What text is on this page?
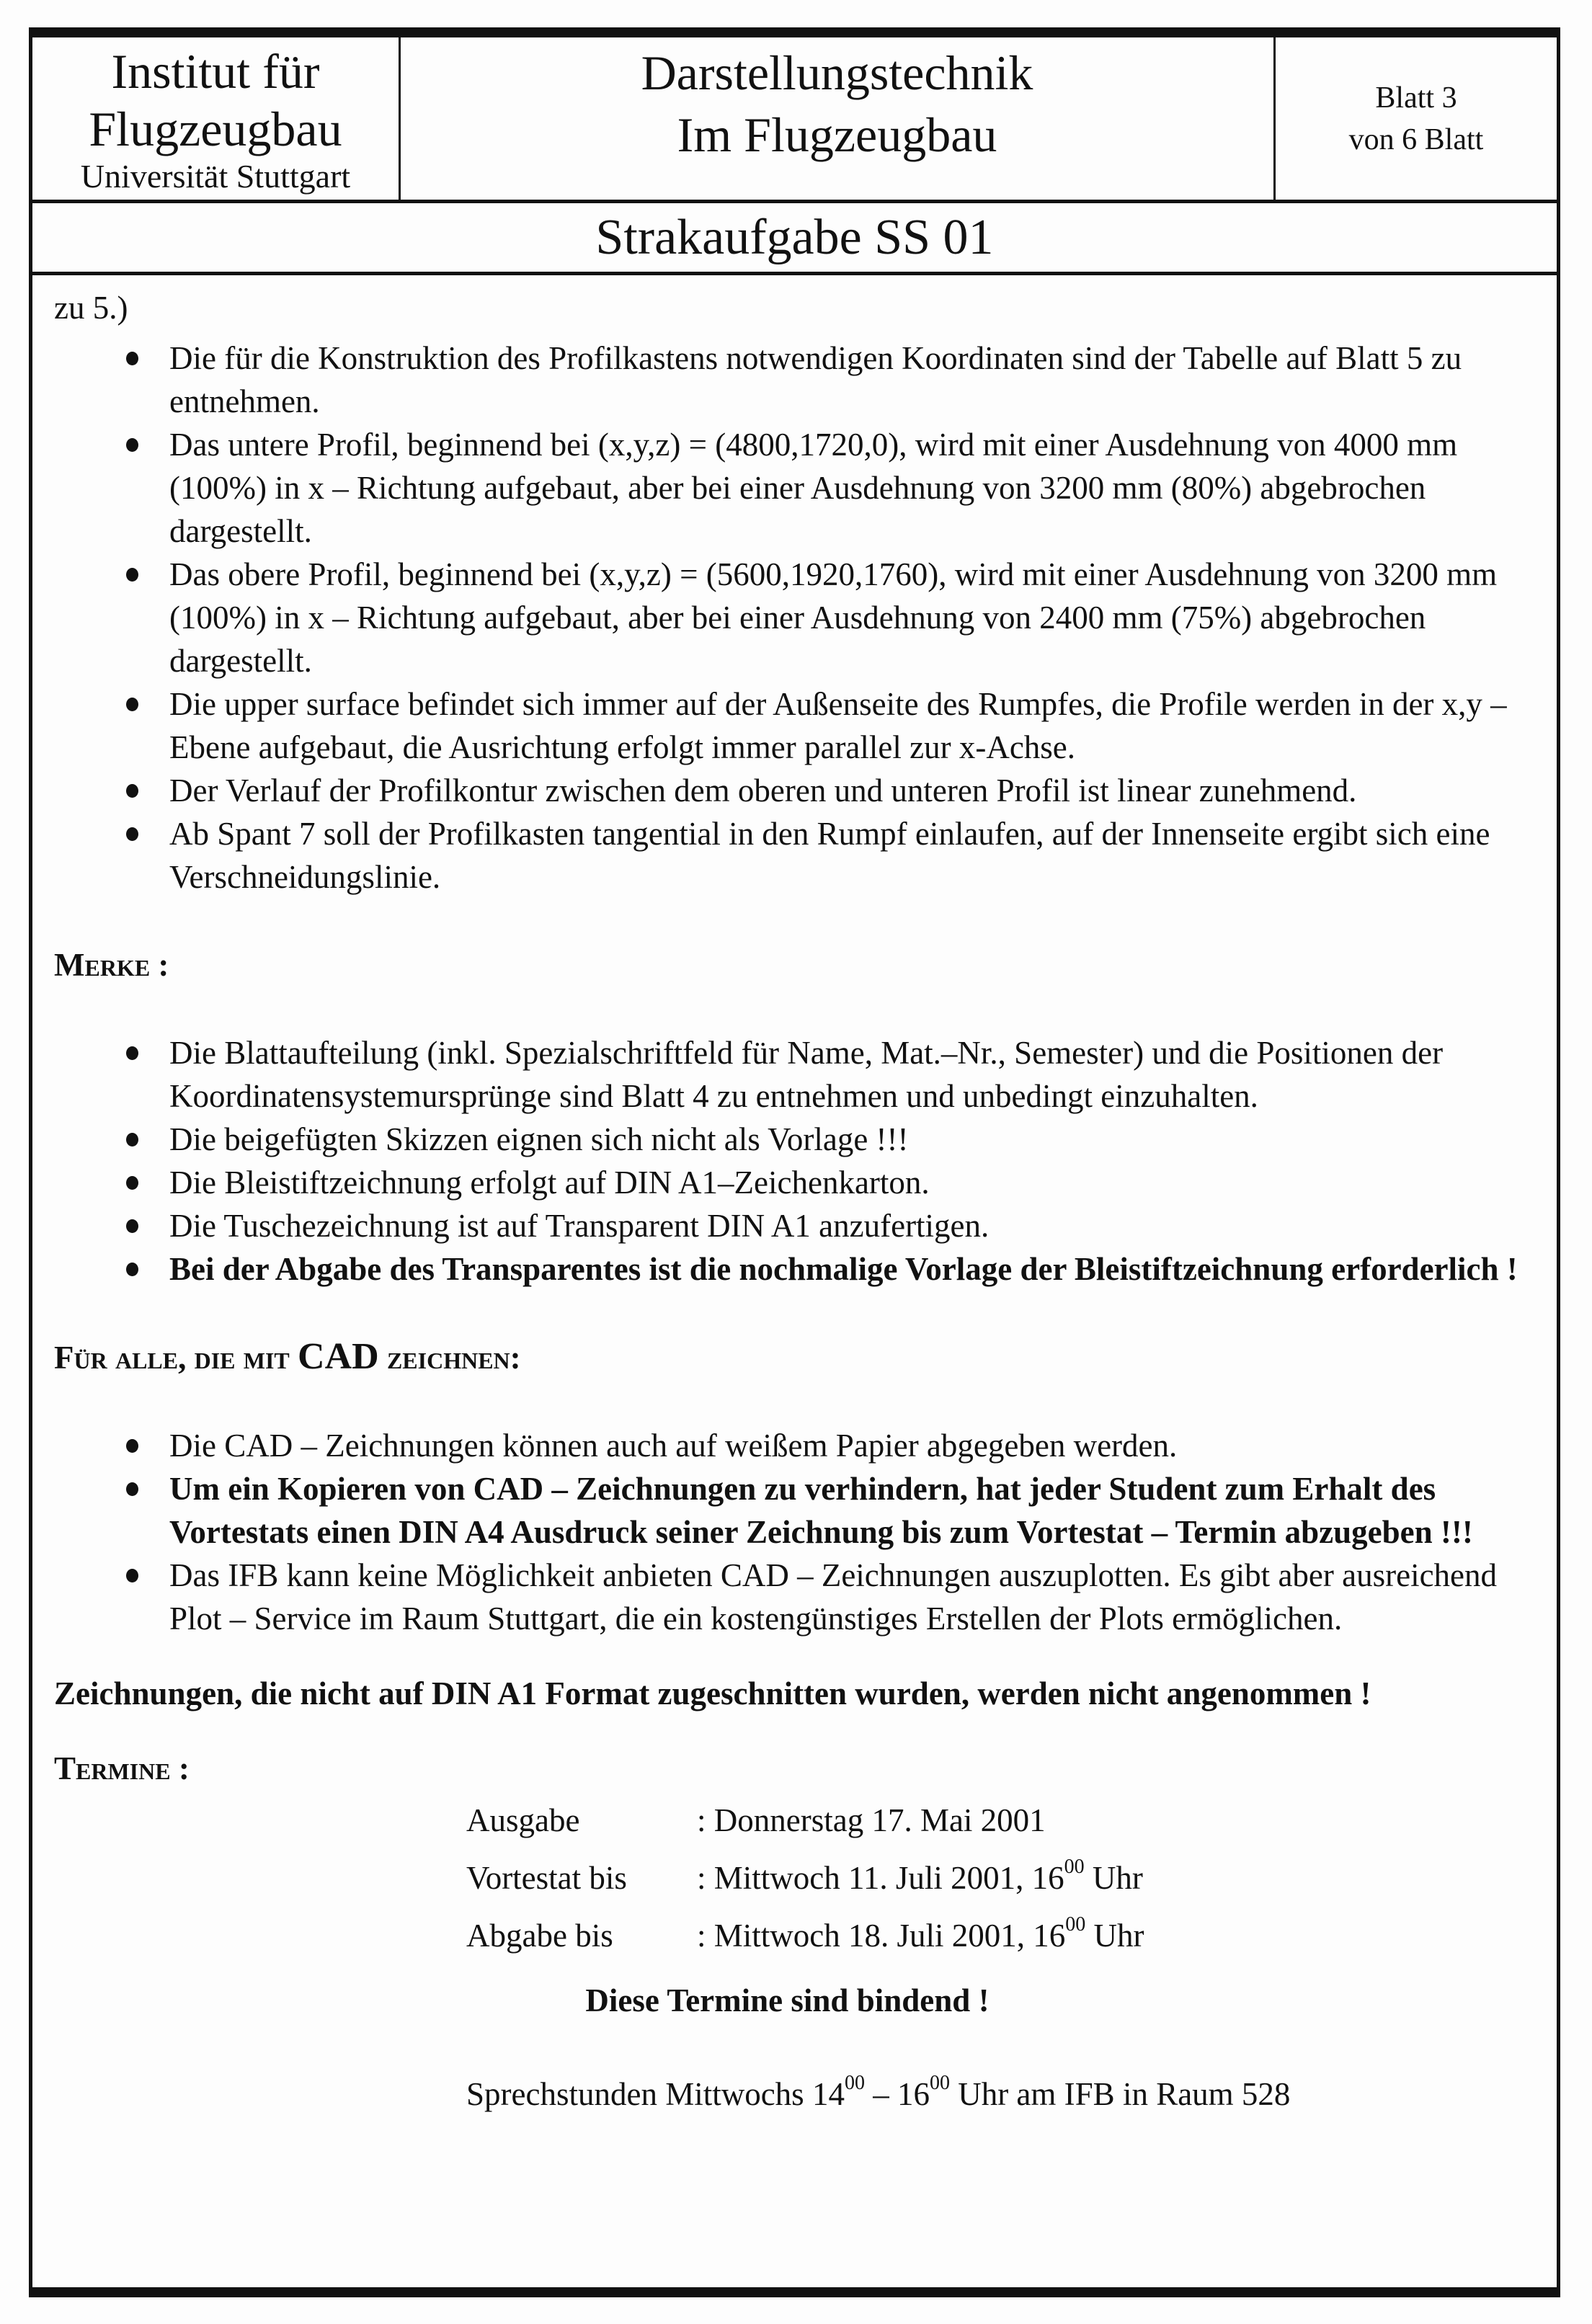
Institut für
Flugzeugbau
Universität Stuttgart
Darstellungstechnik
Im Flugzeugbau
Blatt 3
von 6 Blatt
Strakaufgabe SS 01
zu 5.)
Die für die Konstruktion des Profilkastens notwendigen Koordinaten sind der Tabelle auf Blatt 5 zu entnehmen.
Das untere Profil, beginnend bei (x,y,z) = (4800,1720,0), wird mit einer Ausdehnung von 4000 mm (100%) in x – Richtung aufgebaut, aber bei einer Ausdehnung von 3200 mm (80%) abgebrochen dargestellt.
Das obere Profil, beginnend bei (x,y,z) = (5600,1920,1760), wird mit einer Ausdehnung von 3200 mm (100%) in x – Richtung aufgebaut, aber bei einer Ausdehnung von 2400 mm (75%) abgebrochen dargestellt.
Die upper surface befindet sich immer auf der Außenseite des Rumpfes, die Profile werden in der x,y – Ebene aufgebaut, die Ausrichtung erfolgt immer parallel zur x-Achse.
Der Verlauf der Profilkontur zwischen dem oberen und unteren Profil ist linear zunehmend.
Ab Spant 7 soll der Profilkasten tangential in den Rumpf einlaufen, auf der Innenseite ergibt sich eine Verschneidungslinie.
Merke :
Die Blattaufteilung (inkl. Spezialschriftfeld für Name, Mat.–Nr., Semester) und die Positionen der Koordinatensystemursprünge sind Blatt 4 zu entnehmen und unbedingt einzuhalten.
Die beigefügten Skizzen eignen sich nicht als Vorlage !!!
Die Bleistiftzeichnung erfolgt auf DIN A1–Zeichenkarton.
Die Tuschezeichnung ist auf Transparent DIN A1 anzufertigen.
Bei der Abgabe des Transparentes ist die nochmalige Vorlage der Bleistiftzeichnung erforderlich !
Für alle, die mit CAD zeichnen:
Die CAD – Zeichnungen können auch auf weißem Papier abgegeben werden.
Um ein Kopieren von CAD – Zeichnungen zu verhindern, hat jeder Student zum Erhalt des Vortestats einen DIN A4 Ausdruck seiner Zeichnung bis zum Vortestat – Termin abzugeben !!!
Das IFB kann keine Möglichkeit anbieten CAD – Zeichnungen auszuplotten. Es gibt aber ausreichend Plot – Service im Raum Stuttgart, die ein kostengünstiges Erstellen der Plots ermöglichen.
Zeichnungen, die nicht auf DIN A1 Format zugeschnitten wurden, werden nicht angenommen !
Termine :
Ausgabe	: Donnerstag 17. Mai 2001
Vortestat bis	: Mittwoch 11. Juli 2001, $16^{00}$ Uhr
Abgabe bis	: Mittwoch 18. Juli 2001, $16^{00}$ Uhr
Diese Termine sind bindend !
Sprechstunden Mittwochs $14^{00} - 16^{00}$ Uhr am IFB in Raum 528
